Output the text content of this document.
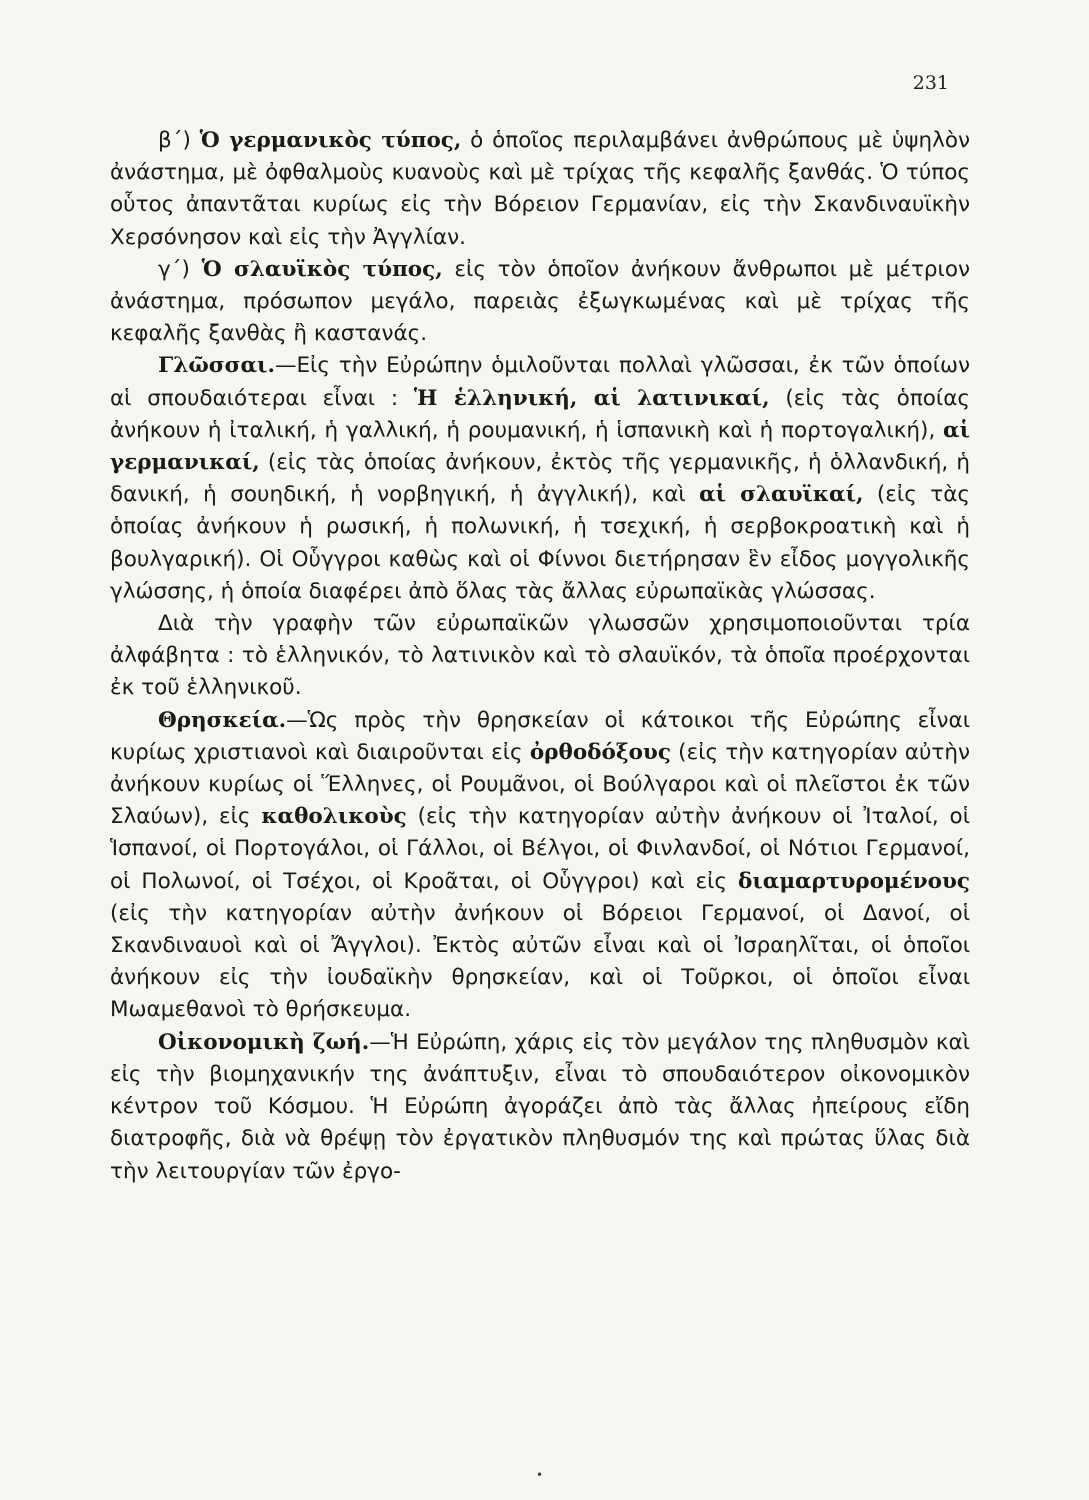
231

β΄) Ὁ γερμανικὸς τύπος, ὁ ὁποῖος περιλαμβάνει ἀνθρώπους μὲ ὑψηλὸν ἀνάστημα, μὲ ὀφθαλμοὺς κυανοὺς καὶ μὲ τρίχας τῆς κεφαλῆς ξανθάς. Ὁ τύπος οὗτος ἀπαντᾶται κυρίως εἰς τὴν Βόρειον Γερμανίαν, εἰς τὴν Σκανδιναυϊκὴν Χερσόνησον καὶ εἰς τὴν Ἀγγλίαν.

γ΄) Ὁ σλαυϊκὸς τύπος, εἰς τὸν ὁποῖον ἀνήκουν ἄνθρωποι μὲ μέτριον ἀνάστημα, πρόσωπον μεγάλο, παρειὰς ἐξωγκωμένας καὶ μὲ τρίχας τῆς κεφαλῆς ξανθὰς ἢ καστανάς.

Γλῶσσαι.—Εἰς τὴν Εὐρώπην ὁμιλοῦνται πολλαὶ γλῶσσαι, ἐκ τῶν ὁποίων αἱ σπουδαιότεραι εἶναι : Ἡ ἑλληνική, αἱ λατινικαί, (εἰς τὰς ὁποίας ἀνήκουν ἡ ἰταλική, ἡ γαλλική, ἡ ρουμανική, ἡ ἱσπανικὴ καὶ ἡ πορτογαλική), αἱ γερμανικαί, (εἰς τὰς ὁποίας ἀνήκουν, ἐκτὸς τῆς γερμανικῆς, ἡ ὁλλανδική, ἡ δανική, ἡ σουηδική, ἡ νορβηγική, ἡ ἀγγλική), καὶ αἱ σλαυϊκαί, (εἰς τὰς ὁποίας ἀνήκουν ἡ ρωσική, ἡ πολωνική, ἡ τσεχική, ἡ σερβοκροατικὴ καὶ ἡ βουλγαρική). Οἱ Οὗγγροι καθὼς καὶ οἱ Φίννοι διετήρησαν ἓν εἶδος μογγολικῆς γλώσσης, ἡ ὁποία διαφέρει ἀπὸ ὅλας τὰς ἄλλας εὐρωπαϊκὰς γλώσσας.

Διὰ τὴν γραφὴν τῶν εὐρωπαϊκῶν γλωσσῶν χρησιμοποιοῦνται τρία ἀλφάβητα : τὸ ἑλληνικόν, τὸ λατινικὸν καὶ τὸ σλαυϊκόν, τὰ ὁποῖα προέρχονται ἐκ τοῦ ἑλληνικοῦ.

Θρησκεία.—Ὡς πρὸς τὴν θρησκείαν οἱ κάτοικοι τῆς Εὐρώπης εἶναι κυρίως χριστιανοὶ καὶ διαιροῦνται εἰς ὀρθοδόξους (εἰς τὴν κατηγορίαν αὐτὴν ἀνήκουν κυρίως οἱ Ἕλληνες, οἱ Ρουμᾶνοι, οἱ Βούλγαροι καὶ οἱ πλεῖστοι ἐκ τῶν Σλαύων), εἰς καθολικοὺς (εἰς τὴν κατηγορίαν αὐτὴν ἀνήκουν οἱ Ἰταλοί, οἱ Ἱσπανοί, οἱ Πορτογάλοι, οἱ Γάλλοι, οἱ Βέλγοι, οἱ Φινλανδοί, οἱ Νότιοι Γερμανοί, οἱ Πολωνοί, οἱ Τσέχοι, οἱ Κροᾶται, οἱ Οὗγγροι) καὶ εἰς διαμαρτυρομένους (εἰς τὴν κατηγορίαν αὐτὴν ἀνήκουν οἱ Βόρειοι Γερμανοί, οἱ Δανοί, οἱ Σκανδιναυοὶ καὶ οἱ Ἄγγλοι). Ἐκτὸς αὐτῶν εἶναι καὶ οἱ Ἰσραηλῖται, οἱ ὁποῖοι ἀνήκουν εἰς τὴν ἰουδαϊκὴν θρησκείαν, καὶ οἱ Τοῦρκοι, οἱ ὁποῖοι εἶναι Μωαμεθανοὶ τὸ θρήσκευμα.

Οἰκονομικὴ ζωή.—Ἡ Εὐρώπη, χάρις εἰς τὸν μεγάλον της πληθυσμὸν καὶ εἰς τὴν βιομηχανικήν της ἀνάπτυξιν, εἶναι τὸ σπουδαιότερον οἰκονομικὸν κέντρον τοῦ Κόσμου. Ἡ Εὐρώπη ἀγοράζει ἀπὸ τὰς ἄλλας ἠπείρους εἴδη διατροφῆς, διὰ νὰ θρέψῃ τὸν ἐργατικὸν πληθυσμόν της καὶ πρώτας ὕλας διὰ τὴν λειτουργίαν τῶν ἐργο-

•
